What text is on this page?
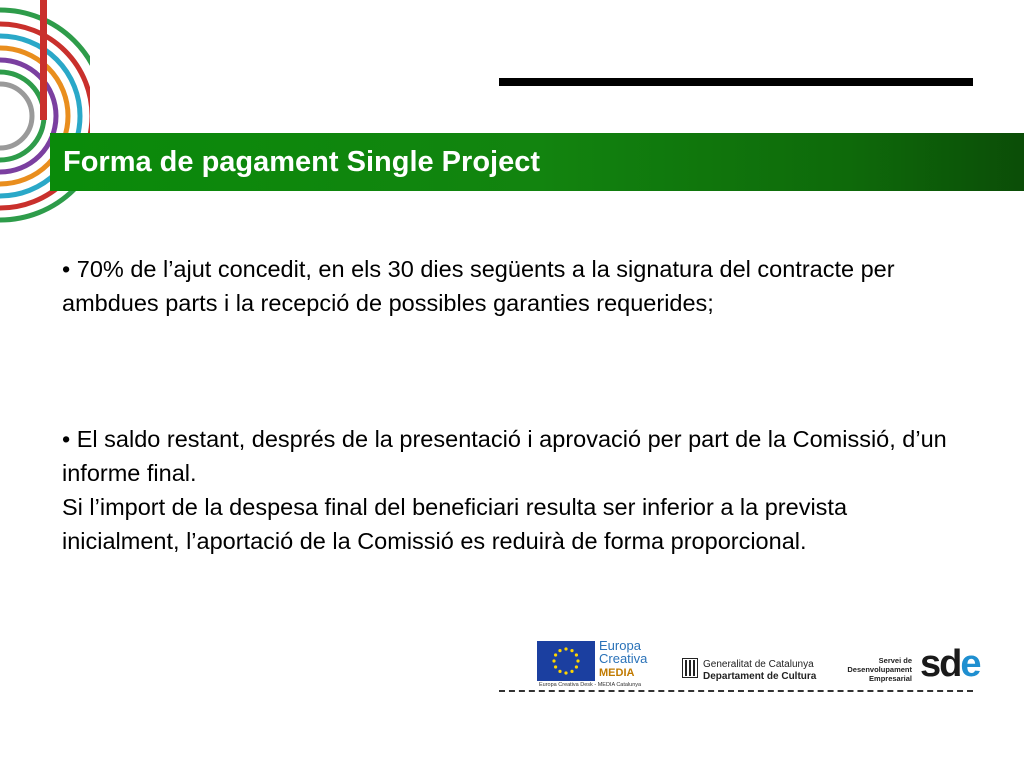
Forma de pagament Single Project

• 70% de l’ajut concedit, en els 30 dies següents a la signatura del contracte per ambdues parts i la recepció de possibles garanties requerides;

• El saldo restant, després de la presentació i aprovació per part de la Comissió, d’un informe final.

Si l’import de la despesa final del beneficiari resulta ser inferior a la prevista inicialment, l’aportació de la Comissió es reduirà de forma proporcional.

Europa
Creativa
MEDIA
Europa Creativa Desk - MEDIA Catalunya
Generalitat de Catalunya
Departament de Cultura
Servei de
Desenvolupament
Empresarial sde
